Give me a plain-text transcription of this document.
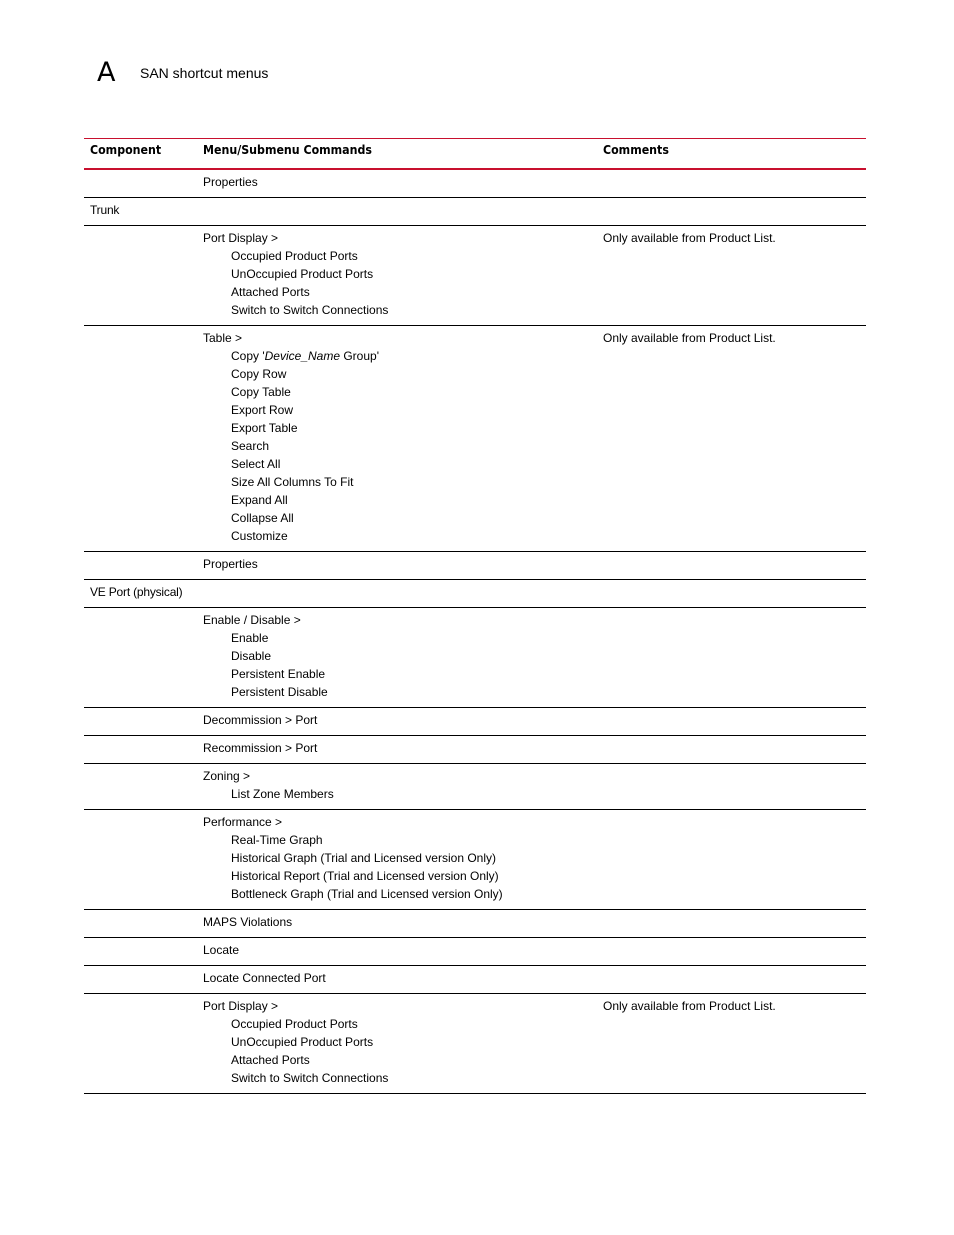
A SAN shortcut menus
Component	Menu/Submenu Commands	Comments
Properties
Trunk
Port Display >
Occupied Product Ports
UnOccupied Product Ports
Attached Ports
Switch to Switch Connections
Only available from Product List.
Table >
Copy 'Device_Name Group'
Copy Row
Copy Table
Export Row
Export Table
Search
Select All
Size All Columns To Fit
Expand All
Collapse All
Customize
Only available from Product List.
Properties
VE Port (physical)
Enable / Disable >
Enable
Disable
Persistent Enable
Persistent Disable
Decommission > Port
Recommission > Port
Zoning >
List Zone Members
Performance >
Real-Time Graph
Historical Graph (Trial and Licensed version Only)
Historical Report (Trial and Licensed version Only)
Bottleneck Graph (Trial and Licensed version Only)
MAPS Violations
Locate
Locate Connected Port
Port Display >
Occupied Product Ports
UnOccupied Product Ports
Attached Ports
Switch to Switch Connections
Only available from Product List.
